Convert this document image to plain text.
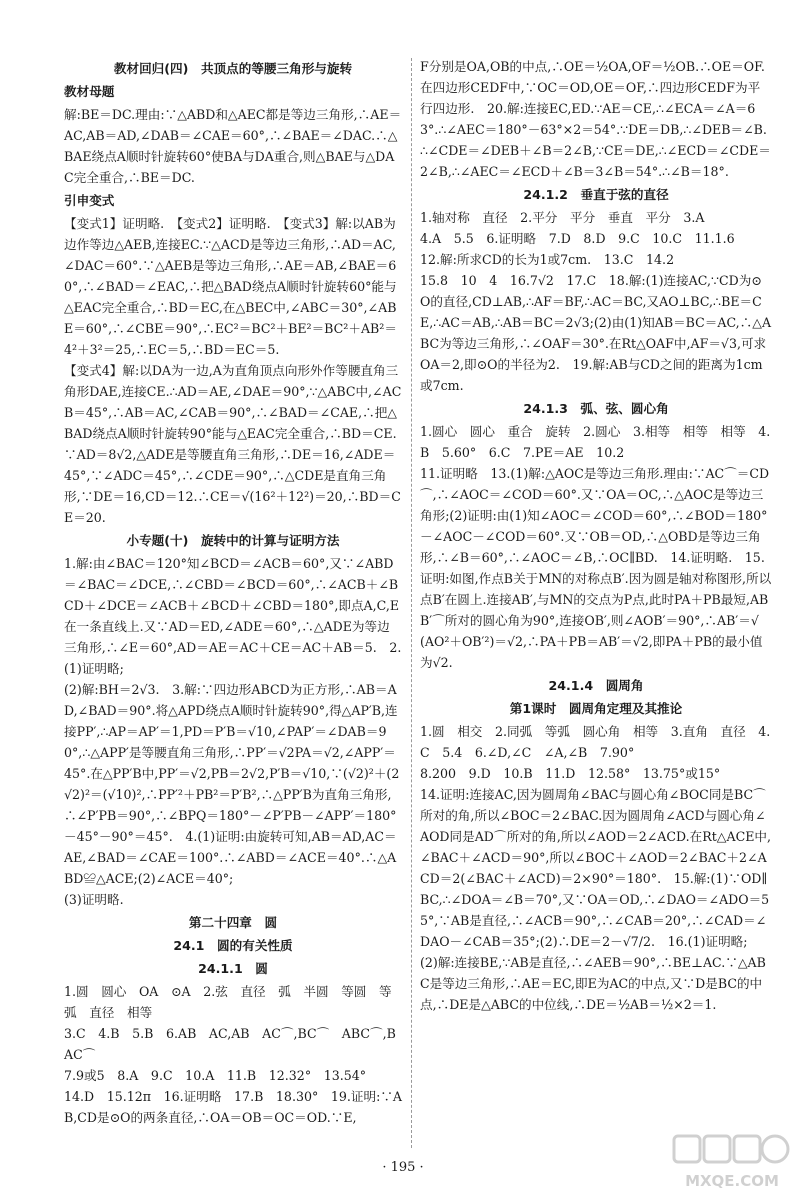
教材回归(四)　共顶点的等腰三角形与旋转
教材母题
解:BE＝DC.理由:∵△ABD和△AEC都是等边三角形,∴AE＝AC,AB＝AD,∠DAB＝∠CAE＝60°,∴∠BAE＝∠DAC.∴△BAE绕点A顺时针旋转60°使BA与DA重合,则△BAE与△DAC完全重合,∴BE＝DC.
引申变式
【变式1】证明略.　【变式2】证明略.　【变式3】解:以AB为边作等边△AEB,连接EC.∵△ACD是等边三角形,∴AD＝AC,∠DAC＝60°.∵△AEB是等边三角形,∴AE＝AB,∠BAE＝60°,∴∠BAD＝∠EAC,∴把△BAD绕点A顺时针旋转60°能与△EAC完全重合,∴BD＝EC,在△BEC中,∠ABC＝30°,∠ABE＝60°,∴∠CBE＝90°,∴EC²＝BC²＋BE²＝BC²＋AB²＝4²＋3²＝25,∴EC＝5,∴BD＝EC＝5.
【变式4】解:以DA为一边,A为直角顶点向形外作等腰直角三角形DAE,连接CE.∴AD＝AE,∠DAE＝90°,∵△ABC中,∠ACB＝45°,∴AB＝AC,∠CAB＝90°,∴∠BAD＝∠CAE,∴把△BAD绕点A顺时针旋转90°能与△EAC完全重合,∴BD＝CE.∵AD＝8√2,△ADE是等腰直角三角形,∴DE＝16,∠ADE＝45°,∵∠ADC＝45°,∴∠CDE＝90°,∴△CDE是直角三角形,∵DE＝16,CD＝12.∴CE＝√(16²＋12²)＝20,∴BD＝CE＝20.
小专题(十)　旋转中的计算与证明方法
1.解:由∠BAC＝120°知∠BCD＝∠ACB＝60°,又∵∠ABD＝∠BAC＝∠DCE,∴∠CBD＝∠BCD＝60°,∴∠ACB＋∠BCD＋∠DCE＝∠ACB＋∠BCD＋∠CBD＝180°,即点A,C,E在一条直线上.又∵AD＝ED,∠ADE＝60°,∴△ADE为等边三角形,∴∠E＝60°,AD＝AE＝AC＋CE＝AC＋AB＝5.　2.(1)证明略;
(2)解:BH＝2√3.　3.解:∵四边形ABCD为正方形,∴AB＝AD,∠BAD＝90°.将△APD绕点A顺时针旋转90°,得△AP′B,连接PP′,∴AP＝AP′＝1,PD＝P′B＝√10,∠PAP′＝∠DAB＝90°,∴△APP′是等腰直角三角形,∴PP′＝√2PA＝√2,∠APP′＝45°.在△PP′B中,PP′＝√2,PB＝2√2,P′B＝√10,∵(√2)²＋(2√2)²＝(√10)²,∴PP′²＋PB²＝P′B²,∴△PP′B为直角三角形,∴∠P′PB＝90°,∴∠BPQ＝180°－∠P′PB－∠APP′＝180°－45°－90°＝45°.　4.(1)证明:由旋转可知,AB＝AD,AC＝AE,∠BAD＝∠CAE＝100°.∴∠ABD＝∠ACE＝40°.∴△ABD≌△ACE;(2)∠ACE＝40°;
(3)证明略.
第二十四章　圆
24.1　圆的有关性质
24.1.1　圆
1.圆　圆心　OA　⊙A　2.弦　直径　弧　半圆　等圆　等弧　直径　相等
3.C　4.B　5.B　6.AB　AC,AB　AC⌒,BC⌒　ABC⌒,BAC⌒
7.9或5　8.A　9.C　10.A　11.B　12.32°　13.54°
14.D　15.12π　16.证明略　17.B　18.30°　19.证明:∵AB,CD是⊙O的两条直径,∴OA＝OB＝OC＝OD.∵E,
F分别是OA,OB的中点,∴OE＝½OA,OF＝½OB.∴OE＝OF.在四边形CEDF中,∵OC＝OD,OE＝OF,∴四边形CEDF为平行四边形.　20.解:连接EC,ED.∵AE＝CE,∴∠ECA＝∠A＝63°.∴∠AEC＝180°－63°×2＝54°.∵DE＝DB,∴∠DEB＝∠B.∴∠CDE＝∠DEB＋∠B＝2∠B,∵CE＝DE,∴∠ECD＝∠CDE＝2∠B,∴∠AEC＝∠ECD＋∠B＝3∠B＝54°.∴∠B＝18°.
24.1.2　垂直于弦的直径
1.轴对称　直径　2.平分　平分　垂直　平分　3.A
4.A　5.5　6.证明略　7.D　8.D　9.C　10.C　11.1.6
12.解:所求CD的长为1或7cm.　13.C　14.2
15.8　10　4　16.7√2　17.C　18.解:(1)连接AC,∵CD为⊙O的直径,CD⊥AB,∴AF＝BF,∴AC＝BC,又AO⊥BC,∴BE＝CE,∴AC＝AB,∴AB＝BC＝2√3;(2)由(1)知AB＝BC＝AC,∴△ABC为等边三角形,∴∠OAF＝30°.在Rt△OAF中,AF＝√3,可求OA＝2,即⊙O的半径为2.　19.解:AB与CD之间的距离为1cm或7cm.
24.1.3　弧、弦、圆心角
1.圆心　圆心　重合　旋转　2.圆心　3.相等　相等　相等　4.B　5.60°　6.C　7.PE＝AE　10.2
11.证明略　13.(1)解:△AOC是等边三角形.理由:∵AC⌒＝CD⌒,∴∠AOC＝∠COD＝60°.又∵OA＝OC,∴△AOC是等边三角形;(2)证明:由(1)知∠AOC＝∠COD＝60°,∴∠BOD＝180°－∠AOC－∠COD＝60°.又∵OB＝OD,∴△OBD是等边三角形,∴∠B＝60°,∴∠AOC＝∠B,∴OC∥BD.　14.证明略.　15.证明:如图,作点B关于MN的对称点B′.因为圆是轴对称图形,所以点B′在圆上.连接AB′,与MN的交点为P点,此时PA＋PB最短,ABB′⌒所对的圆心角为90°,连接OB′,则∠AOB′＝90°,∴AB′＝√(AO²＋OB′²)＝√2,∴PA＋PB＝AB′＝√2,即PA＋PB的最小值为√2.
24.1.4　圆周角
第1课时　圆周角定理及其推论
1.圆　相交　2.同弧　等弧　圆心角　相等　3.直角　直径　4.C　5.4　6.∠D,∠C　∠A,∠B　7.90°
8.200　9.D　10.B　11.D　12.58°　13.75°或15°
14.证明:连接AC,因为圆周角∠BAC与圆心角∠BOC同是BC⌒所对的角,所以∠BOC＝2∠BAC.因为圆周角∠ACD与圆心角∠AOD同是AD⌒所对的角,所以∠AOD＝2∠ACD.在Rt△ACE中,∠BAC＋∠ACD＝90°,所以∠BOC＋∠AOD＝2∠BAC＋2∠ACD＝2(∠BAC＋∠ACD)＝2×90°＝180°.　15.解:(1)∵OD∥BC,∴∠DOA＝∠B＝70°,又∵OA＝OD,∴∠DAO＝∠ADO＝55°,∵AB是直径,∴∠ACB＝90°,∴∠CAB＝20°,∴∠CAD＝∠DAO－∠CAB＝35°;(2)∴DE＝2－√7/2.　16.(1)证明略;
(2)解:连接BE,∵AB是直径,∴∠AEB＝90°,∴BE⊥AC.∵△ABC是等边三角形,∴AE＝EC,即E为AC的中点,又∵D是BC的中点,∴DE是△ABC的中位线,∴DE＝½AB＝½×2＝1.
· 195 ·
MXQE.COM
